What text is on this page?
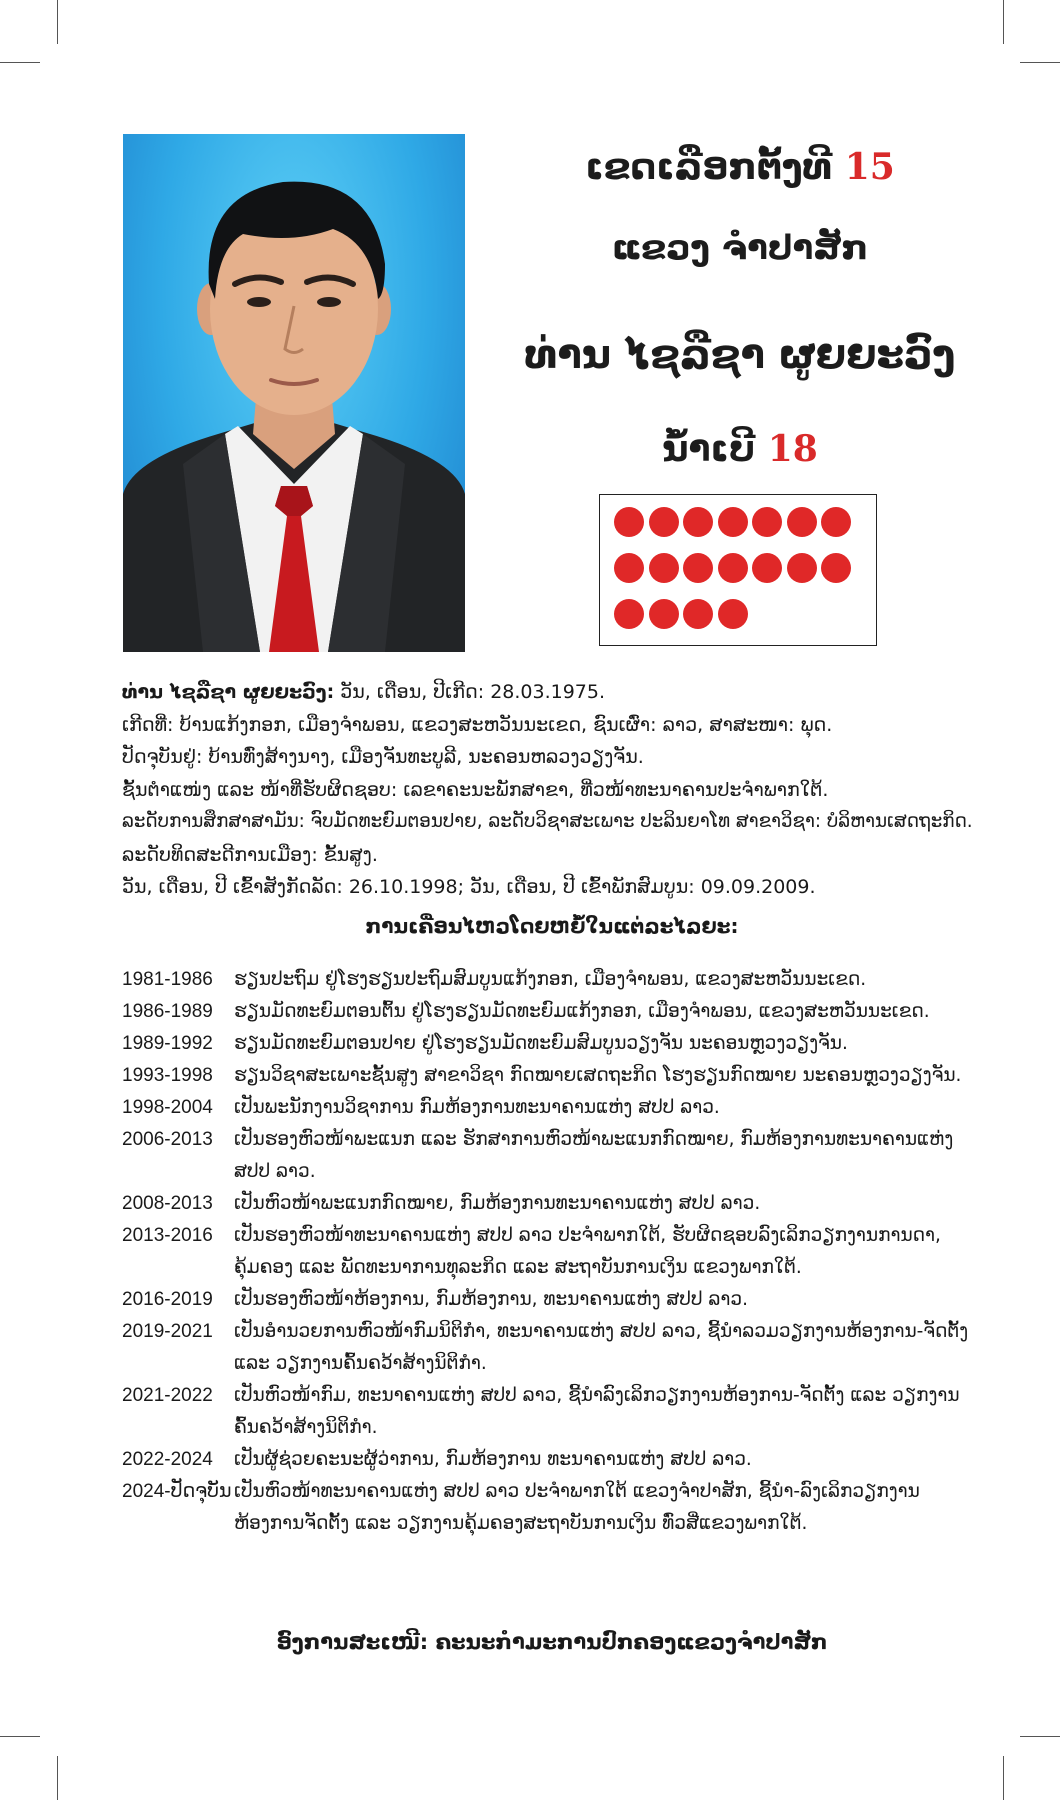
ເຂດເລືອກຕັ້ງທີ 15
ແຂວງ ຈຳປາສັກ
ທ່ານ ໄຊລືຊາ ຜູຍຍະວົງ
ນ້ຳເບີ 18
ທ່ານ ໄຊລືຊາ ຜູຍຍະວົງ: ວັນ, ເດືອນ, ປີເກີດ: 28.03.1975.
ເກີດທີ່: ບ້ານແກ້ງກອກ, ເມືອງຈຳພອນ, ແຂວງສະຫວັນນະເຂດ, ຊົນເຜົ່າ: ລາວ, ສາສະໜາ: ພຸດ.
ປັດຈຸບັນຢູ່: ບ້ານທົ່ງສ້າງນາງ, ເມືອງຈັນທະບູລີ, ນະຄອນຫລວງວຽງຈັນ.
ຊັ້ນຕຳແໜ່ງ ແລະ ໜ້າທີ່ຮັບຜິດຊອບ: ເລຂາຄະນະພັກສາຂາ, ທີ່ວໜ້າທະນາຄານປະຈຳພາກໃຕ້.
ລະດັບການສຶກສາສາມັນ: ຈົບມັດທະຍົມຕອນປາຍ, ລະດັບວິຊາສະເພາະ ປະລິນຍາໂທ ສາຂາວິຊາ: ບໍລິຫານເສດຖະກິດ.
ລະດັບທິດສະດີການເມືອງ: ຂັ້ນສູງ.
ວັນ, ເດືອນ, ປີ ເຂົ້າສັງກັດລັດ: 26.10.1998; ວັນ, ເດືອນ, ປີ ເຂົ້າພັກສົມບູນ: 09.09.2009.
ການເຄື່ອນໄຫວໂດຍຫຍໍ້ໃນແຕ່ລະໄລຍະ:
1981-1986	ຮຽນປະຖົມ ຢູ່ໂຮງຮຽນປະຖົມສົມບູນແກ້ງກອກ, ເມືອງຈຳພອນ, ແຂວງສະຫວັນນະເຂດ.
1986-1989	ຮຽນມັດທະຍົມຕອນຕົ້ນ ຢູ່ໂຮງຮຽນມັດທະຍົມແກ້ງກອກ, ເມືອງຈຳພອນ, ແຂວງສະຫວັນນະເຂດ.
1989-1992	ຮຽນມັດທະຍົມຕອນປາຍ ຢູ່ໂຮງຮຽນມັດທະຍົມສົມບູນວຽງຈັນ ນະຄອນຫຼວງວຽງຈັນ.
1993-1998	ຮຽນວິຊາສະເພາະຊັ້ນສູງ ສາຂາວິຊາ ກົດໝາຍເສດຖະກິດ ໂຮງຮຽນກົດໝາຍ ນະຄອນຫຼວງວຽງຈັນ.
1998-2004	ເປັນພະນັກງານວິຊາການ ກົມຫ້ອງການທະນາຄານແຫ່ງ ສປປ ລາວ.
2006-2013	ເປັນຮອງຫົວໜ້າພະແນກ ແລະ ຮັກສາການຫົວໜ້າພະແນກກົດໝາຍ, ກົມຫ້ອງການທະນາຄານແຫ່ງ ສປປ ລາວ.
2008-2013	ເປັນຫົວໜ້າພະແນກກົດໝາຍ, ກົມຫ້ອງການທະນາຄານແຫ່ງ ສປປ ລາວ.
2013-2016	ເປັນຮອງຫົວໜ້າທະນາຄານແຫ່ງ ສປປ ລາວ ປະຈຳພາກໃຕ້, ຮັບຜິດຊອບລົງເລິກວຽກງານການດາ, ຄຸ້ມຄອງ ແລະ ພັດທະນາການທຸລະກິດ ແລະ ສະຖາບັນການເງິນ ແຂວງພາກໃຕ້.
2016-2019	ເປັນຮອງຫົວໜ້າຫ້ອງການ, ກົມຫ້ອງການ, ທະນາຄານແຫ່ງ ສປປ ລາວ.
2019-2021	ເປັນອຳນວຍການຫົວໜ້າກົມນິຕິກຳ, ທະນາຄານແຫ່ງ ສປປ ລາວ, ຊີ້ນຳລວມວຽກງານຫ້ອງການ-ຈັດຕັ້ງ ແລະ ວຽກງານຄົ້ນຄວ້າສ້າງນິຕິກຳ.
2021-2022	ເປັນຫົວໜ້າກົມ, ທະນາຄານແຫ່ງ ສປປ ລາວ, ຊີ້ນຳລົງເລິກວຽກງານຫ້ອງການ-ຈັດຕັ້ງ ແລະ ວຽກງານຄົ້ນຄວ້າສ້າງນິຕິກຳ.
2022-2024	ເປັນຜູ້ຊ່ວຍຄະນະຜູ້ວ່າການ, ກົມຫ້ອງການ ທະນາຄານແຫ່ງ ສປປ ລາວ.
2024-ປັດຈຸບັນ ເປັນຫົວໜ້າທະນາຄານແຫ່ງ ສປປ ລາວ ປະຈຳພາກໃຕ້ ແຂວງຈຳປາສັກ, ຊີ້ນຳ-ລົງເລິກວຽກງານຫ້ອງການຈັດຕັ້ງ ແລະ ວຽກງານຄຸ້ມຄອງສະຖາບັນການເງິນ ທົ່ວສີ່ແຂວງພາກໃຕ້.
ອົງການສະເໜີ: ຄະນະກຳມະການປົກຄອງແຂວງຈຳປາສັກ
